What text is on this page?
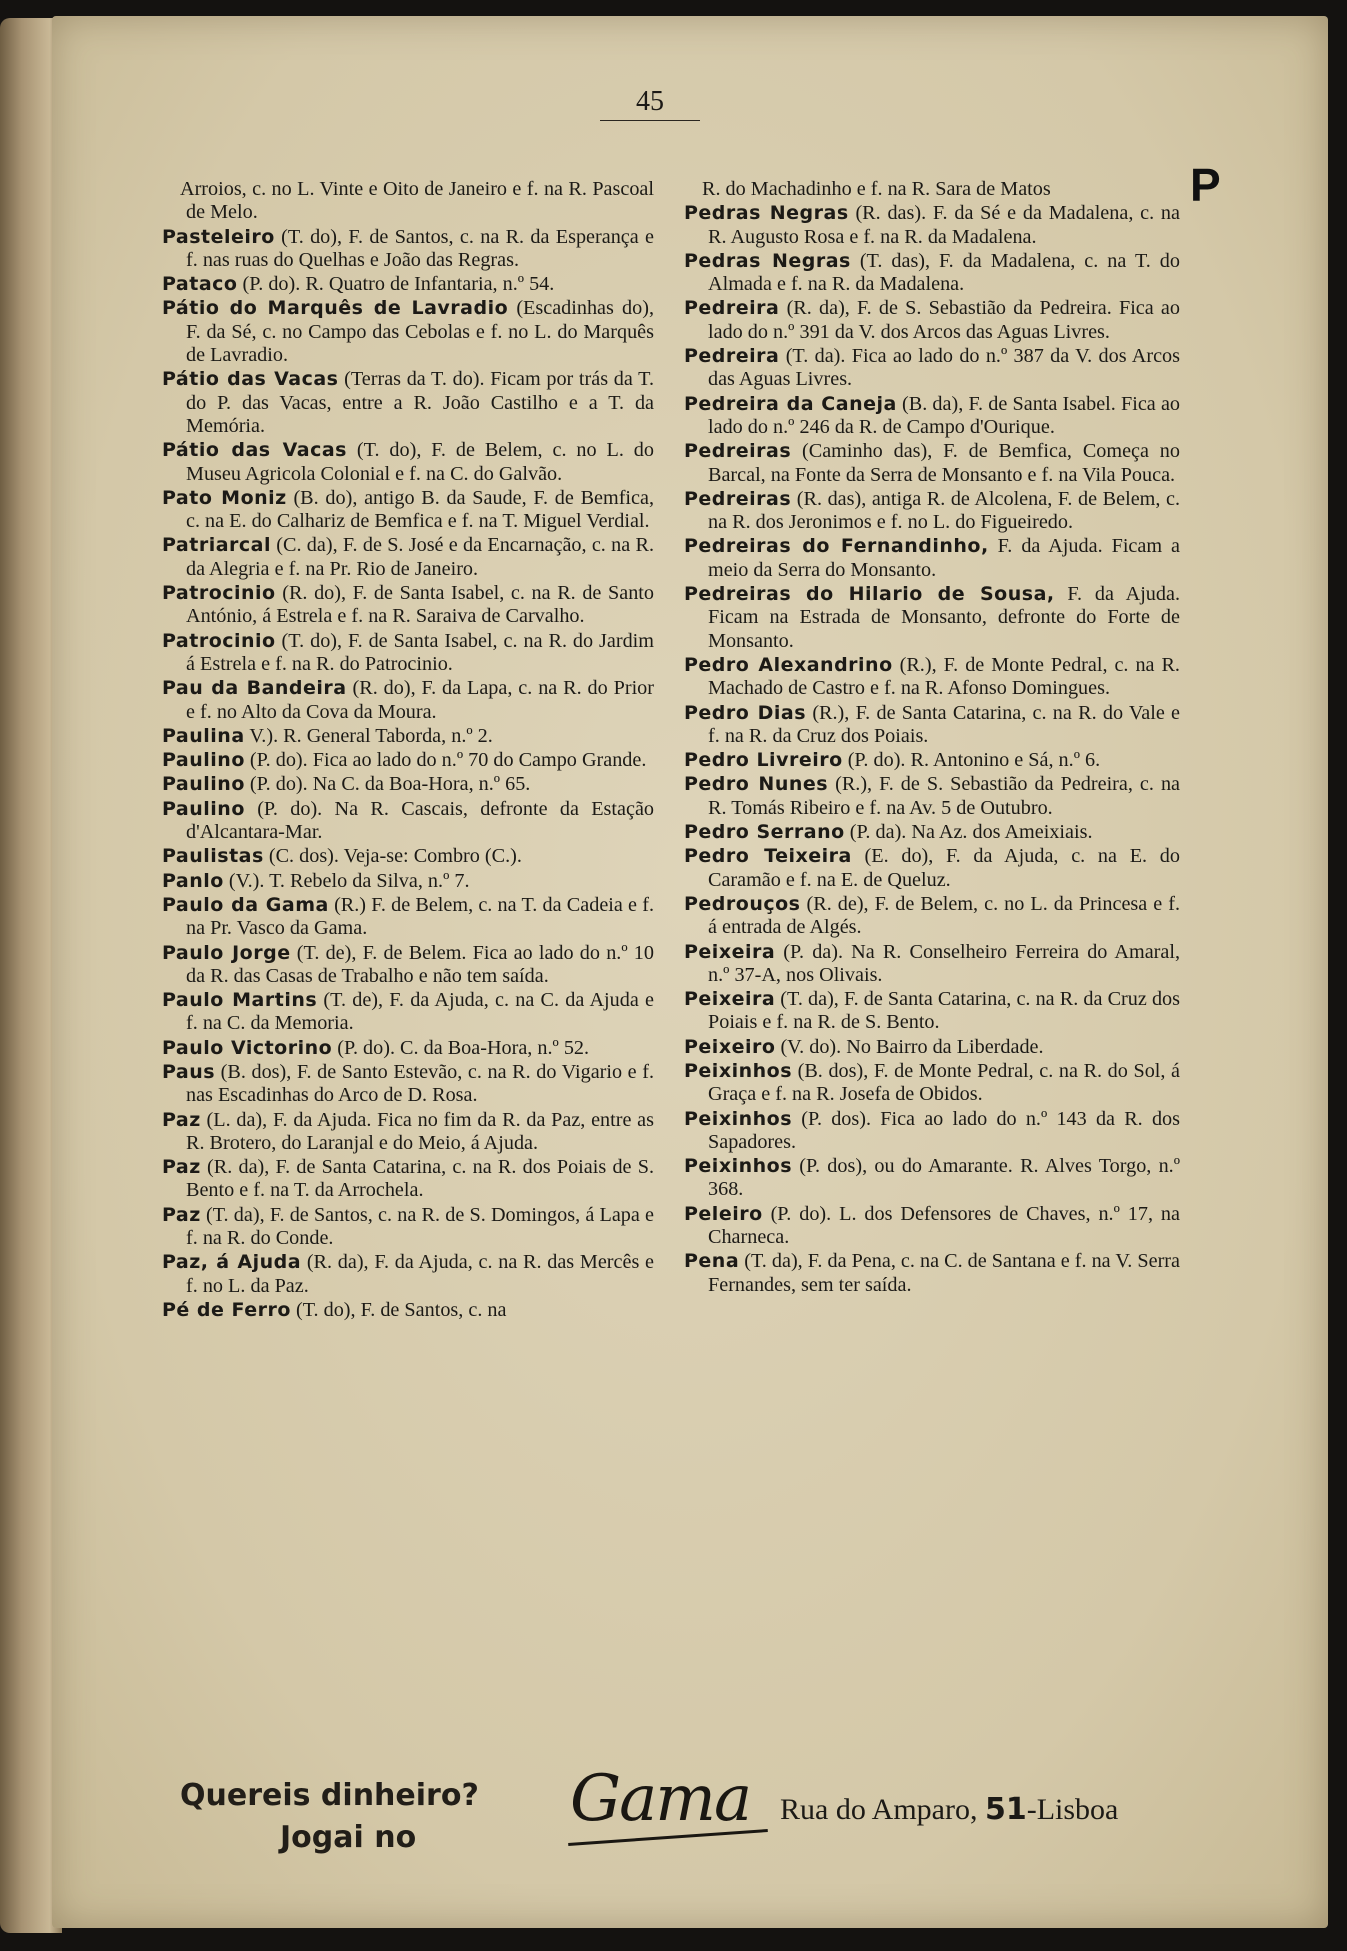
45
P

Arroios, c. no L. Vinte e Oito de Janeiro e f. na R. Pascoal de Melo.

Pasteleiro (T. do), F. de Santos, c. na R. da Esperança e f. nas ruas do Quelhas e João das Regras.

Pataco (P. do). R. Quatro de Infantaria, n.º 54.

Pátio do Marquês de Lavradio (Escadinhas do), F. da Sé, c. no Campo das Cebolas e f. no L. do Marquês de Lavradio.

Pátio das Vacas (Terras da T. do). Ficam por trás da T. do P. das Vacas, entre a R. João Castilho e a T. da Memória.

Pátio das Vacas (T. do), F. de Belem, c. no L. do Museu Agricola Colonial e f. na C. do Galvão.

Pato Moniz (B. do), antigo B. da Saude, F. de Bemfica, c. na E. do Calhariz de Bemfica e f. na T. Miguel Verdial.

Patriarcal (C. da), F. de S. José e da Encarnação, c. na R. da Alegria e f. na Pr. Rio de Janeiro.

Patrocinio (R. do), F. de Santa Isabel, c. na R. de Santo António, á Estrela e f. na R. Saraiva de Carvalho.

Patrocinio (T. do), F. de Santa Isabel, c. na R. do Jardim á Estrela e f. na R. do Patrocinio.

Pau da Bandeira (R. do), F. da Lapa, c. na R. do Prior e f. no Alto da Cova da Moura.

Paulina V.). R. General Taborda, n.º 2.

Paulino (P. do). Fica ao lado do n.º 70 do Campo Grande.

Paulino (P. do). Na C. da Boa-Hora, n.º 65.

Paulino (P. do). Na R. Cascais, defronte da Estação d'Alcantara-Mar.

Paulistas (C. dos). Veja-se: Combro (C.).

Panlo (V.). T. Rebelo da Silva, n.º 7.

Paulo da Gama (R.) F. de Belem, c. na T. da Cadeia e f. na Pr. Vasco da Gama.

Paulo Jorge (T. de), F. de Belem. Fica ao lado do n.º 10 da R. das Casas de Trabalho e não tem saída.

Paulo Martins (T. de), F. da Ajuda, c. na C. da Ajuda e f. na C. da Memoria.

Paulo Victorino (P. do). C. da Boa-Hora, n.º 52.

Paus (B. dos), F. de Santo Estevão, c. na R. do Vigario e f. nas Escadinhas do Arco de D. Rosa.

Paz (L. da), F. da Ajuda. Fica no fim da R. da Paz, entre as R. Brotero, do Laranjal e do Meio, á Ajuda.

Paz (R. da), F. de Santa Catarina, c. na R. dos Poiais de S. Bento e f. na T. da Arrochela.

Paz (T. da), F. de Santos, c. na R. de S. Domingos, á Lapa e f. na R. do Conde.

Paz, á Ajuda (R. da), F. da Ajuda, c. na R. das Mercês e f. no L. da Paz.

Pé de Ferro (T. do), F. de Santos, c. na

R. do Machadinho e f. na R. Sara de Matos

Pedras Negras (R. das). F. da Sé e da Madalena, c. na R. Augusto Rosa e f. na R. da Madalena.

Pedras Negras (T. das), F. da Madalena, c. na T. do Almada e f. na R. da Madalena.

Pedreira (R. da), F. de S. Sebastião da Pedreira. Fica ao lado do n.º 391 da V. dos Arcos das Aguas Livres.

Pedreira (T. da). Fica ao lado do n.º 387 da V. dos Arcos das Aguas Livres.

Pedreira da Caneja (B. da), F. de Santa Isabel. Fica ao lado do n.º 246 da R. de Campo d'Ourique.

Pedreiras (Caminho das), F. de Bemfica, Começa no Barcal, na Fonte da Serra de Monsanto e f. na Vila Pouca.

Pedreiras (R. das), antiga R. de Alcolena, F. de Belem, c. na R. dos Jeronimos e f. no L. do Figueiredo.

Pedreiras do Fernandinho, F. da Ajuda. Ficam a meio da Serra do Monsanto.

Pedreiras do Hilario de Sousa, F. da Ajuda. Ficam na Estrada de Monsanto, defronte do Forte de Monsanto.

Pedro Alexandrino (R.), F. de Monte Pedral, c. na R. Machado de Castro e f. na R. Afonso Domingues.

Pedro Dias (R.), F. de Santa Catarina, c. na R. do Vale e f. na R. da Cruz dos Poiais.

Pedro Livreiro (P. do). R. Antonino e Sá, n.º 6.

Pedro Nunes (R.), F. de S. Sebastião da Pedreira, c. na R. Tomás Ribeiro e f. na Av. 5 de Outubro.

Pedro Serrano (P. da). Na Az. dos Ameixiais.

Pedro Teixeira (E. do), F. da Ajuda, c. na E. do Caramão e f. na E. de Queluz.

Pedrouços (R. de), F. de Belem, c. no L. da Princesa e f. á entrada de Algés.

Peixeira (P. da). Na R. Conselheiro Ferreira do Amaral, n.º 37-A, nos Olivais.

Peixeira (T. da), F. de Santa Catarina, c. na R. da Cruz dos Poiais e f. na R. de S. Bento.

Peixeiro (V. do). No Bairro da Liberdade.

Peixinhos (B. dos), F. de Monte Pedral, c. na R. do Sol, á Graça e f. na R. Josefa de Obidos.

Peixinhos (P. dos). Fica ao lado do n.º 143 da R. dos Sapadores.

Peixinhos (P. dos), ou do Amarante. R. Alves Torgo, n.º 368.

Peleiro (P. do). L. dos Defensores de Chaves, n.º 17, na Charneca.

Pena (T. da), F. da Pena, c. na C. de Santana e f. na V. Serra Fernandes, sem ter saída.

Quereis dinheiro?
Jogai no
Gama Rua do Amparo, 51-Lisboa
